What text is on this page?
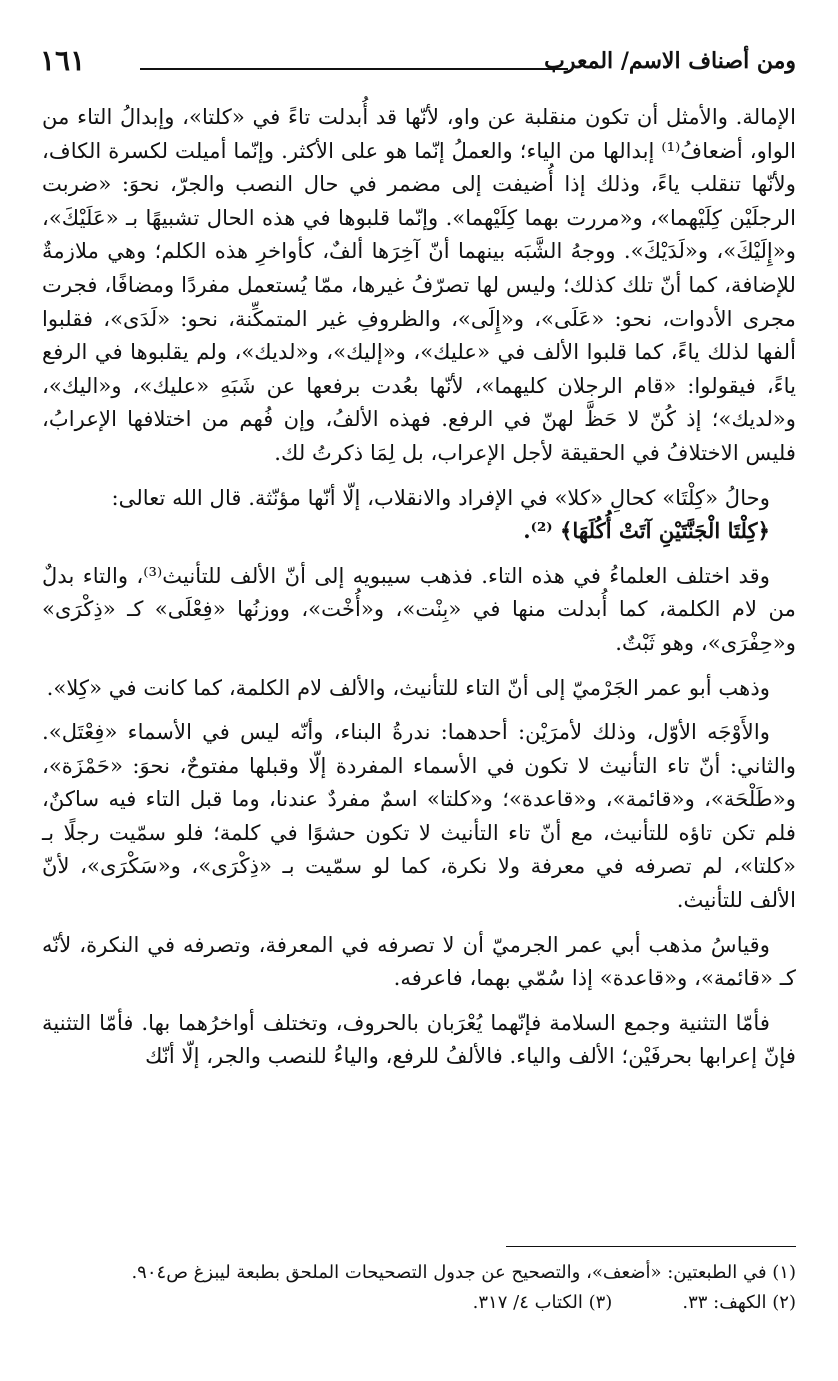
ومن أصناف الاسم/ المعرب
١٦١

الإمالة. والأمثل أن تكون منقلبة عن واو، لأنّها قد أُبدلت تاءً في «كلتا»، وإبدالُ التاء من الواو، أضعافُ⁽¹⁾ إبدالها من الياء؛ والعملُ إنّما هو على الأكثر. وإنّما أميلت لكسرة الكاف، ولأنّها تنقلب ياءً، وذلك إذا أُضيفت إلى مضمر في حال النصب والجرّ، نحوَ: «ضربت الرجلَيْن كِلَيْهما»، و«مررت بهما كِلَيْهما». وإنّما قلبوها في هذه الحال تشبيهًا بـ «عَلَيْكَ»، و«إِلَيْكَ»، و«لَدَيْكَ». ووجهُ الشَّبَه بينهما أنّ آخِرَها ألفٌ، كأواخرِ هذه الكلم؛ وهي ملازمةٌ للإضافة، كما أنّ تلك كذلك؛ وليس لها تصرّفُ غيرها، ممّا يُستعمل مفردًا ومضافًا، فجرت مجرى الأدوات، نحو: «عَلَى»، و«إِلَى»، والظروفِ غير المتمكِّنة، نحو: «لَدَى»، فقلبوا ألفها لذلك ياءً، كما قلبوا الألف في «عليك»، و«إليك»، و«لديك»، ولم يقلبوها في الرفع ياءً، فيقولوا: «قام الرجلان كليهما»، لأنّها بعُدت برفعها عن شَبَهِ «عليك»، و«اليك»، و«لديك»؛ إذ كُنّ لا حَظَّ لهنّ في الرفع. فهذه الألفُ، وإن فُهم من اختلافها الإعرابُ، فليس الاختلافُ في الحقيقة لأجل الإعراب، بل لِمَا ذكرتُ لك.

وحالُ «كِلْتَا» كحالِ «كلا» في الإفراد والانقلاب، إلّا أنّها مؤنّثة. قال الله تعالى:
﴿كِلْتَا الْجَنَّتَيْنِ آتَتْ أُكُلَهَا﴾ ⁽²⁾.

وقد اختلف العلماءُ في هذه التاء. فذهب سيبويه إلى أنّ الألف للتأنيث⁽³⁾، والتاء بدلٌ من لام الكلمة، كما أُبدلت منها في «بِنْت»، و«أُخْت»، ووزنُها «فِعْلَى» كـ «ذِكْرَى» و«حِفْرَى»، وهو ثَبْتٌ.

وذهب أبو عمر الجَرْميّ إلى أنّ التاء للتأنيث، والألف لام الكلمة، كما كانت في «كِلا».

والأَوْجَه الأوّل، وذلك لأمرَيْن: أحدهما: ندرةُ البناء، وأنّه ليس في الأسماء «فِعْتَل». والثاني: أنّ تاء التأنيث لا تكون في الأسماء المفردة إلّا وقبلها مفتوحٌ، نحوَ: «حَمْزَة»، و«طَلْحَة»، و«قائمة»، و«قاعدة»؛ و«كلتا» اسمٌ مفردٌ عندنا، وما قبل التاء فيه ساكنٌ، فلم تكن تاؤه للتأنيث، مع أنّ تاء التأنيث لا تكون حشوًا في كلمة؛ فلو سمّيت رجلًا بـ «كلتا»، لم تصرفه في معرفة ولا نكرة، كما لو سمّيت بـ «ذِكْرَى»، و«سَكْرَى»، لأنّ الألف للتأنيث.

وقياسُ مذهب أبي عمر الجرميّ أن لا تصرفه في المعرفة، وتصرفه في النكرة، لأنّه كـ «قائمة»، و«قاعدة» إذا سُمّي بهما، فاعرفه.

فأمّا التثنية وجمع السلامة فإنّهما يُعْرَبان بالحروف، وتختلف أواخرُهما بها. فأمّا التثنية فإنّ إعرابها بحرفَيْن؛ الألف والياء. فالألفُ للرفع، والياءُ للنصب والجر، إلّا أنّك

(١) في الطبعتين: «أضعف»، والتصحيح عن جدول التصحيحات الملحق بطبعة ليبزغ ص٩٠٤.

(٢) الكهف: ٣٣.

(٣) الكتاب ٤/ ٣١٧.
